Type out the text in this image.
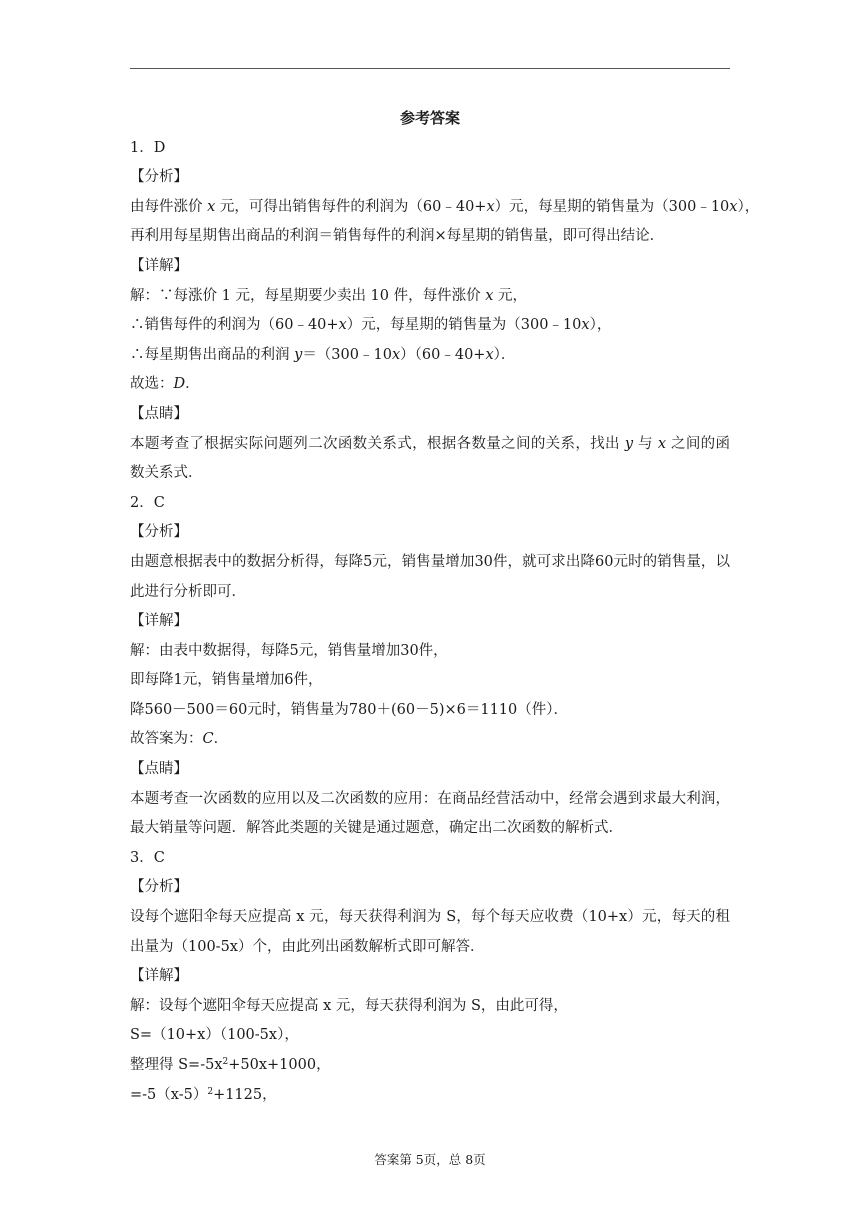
参考答案

1．D

【分析】

由每件涨价 x 元，可得出销售每件的利润为（60﹣40+x）元，每星期的销售量为（300﹣10x），

再利用每星期售出商品的利润＝销售每件的利润×每星期的销售量，即可得出结论．

【详解】

解：∵每涨价 1 元，每星期要少卖出 10 件，每件涨价 x 元，

∴销售每件的利润为（60﹣40+x）元，每星期的销售量为（300﹣10x），

∴每星期售出商品的利润 y＝（300﹣10x）（60﹣40+x）．

故选：D．

【点睛】

本题考查了根据实际问题列二次函数关系式，根据各数量之间的关系，找出 y 与 x 之间的函数关系式．

2．C

【分析】

由题意根据表中的数据分析得，每降5元，销售量增加30件，就可求出降60元时的销售量，以此进行分析即可．

【详解】

解：由表中数据得，每降5元，销售量增加30件，

即每降1元，销售量增加6件，

降560－500＝60元时，销售量为780＋(60－5)×6＝1110（件）．

故答案为：C．

【点睛】

本题考查一次函数的应用以及二次函数的应用：在商品经营活动中，经常会遇到求最大利润，最大销量等问题．解答此类题的关键是通过题意，确定出二次函数的解析式．

3．C

【分析】

设每个遮阳伞每天应提高 x 元，每天获得利润为 S，每个每天应收费（10+x）元，每天的租出量为（100-5x）个，由此列出函数解析式即可解答．

【详解】

解：设每个遮阳伞每天应提高 x 元，每天获得利润为 S，由此可得，

S=（10+x）（100-5x），

整理得 $S=-5x^2+50x+1000$，

$=-5(x-5)^2+1125$，

答案第 5页，总 8页
